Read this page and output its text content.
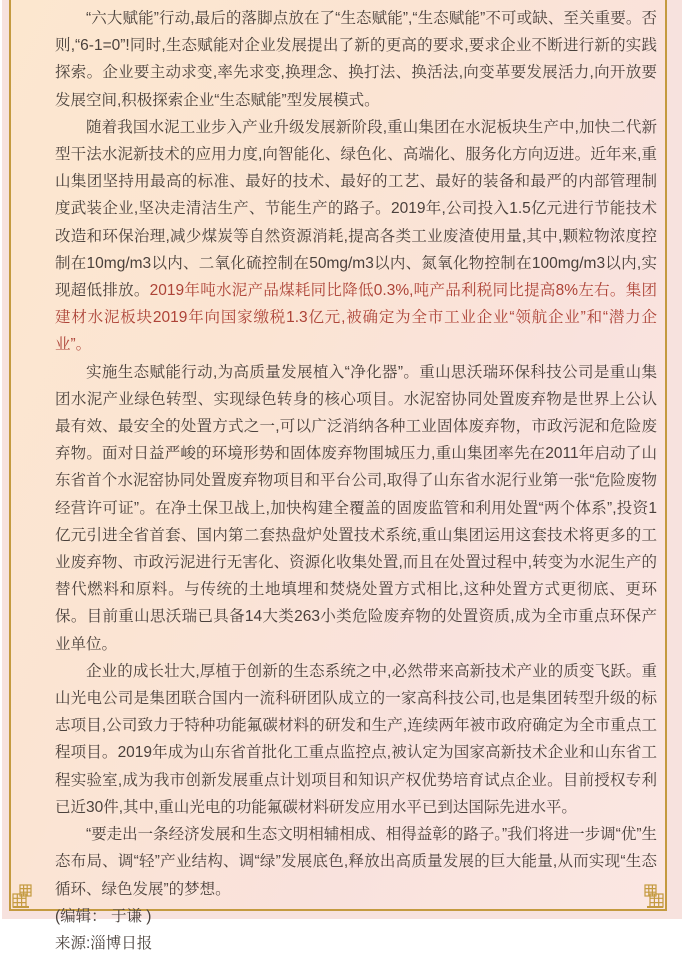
“六大赋能”行动,最后的落脚点放在了“生态赋能”,“生态赋能”不可或缺、至关重要。否则,“6-1=0”!同时,生态赋能对企业发展提出了新的更高的要求,要求企业不断进行新的实践探索。企业要主动求变,率先求变,换理念、换打法、换活法,向变革要发展活力,向开放要发展空间,积极探索企业“生态赋能”型发展模式。

随着我国水泥工业步入产业升级发展新阶段,重山集团在水泥板块生产中,加快二代新型干法水泥新技术的应用力度,向智能化、绿色化、高端化、服务化方向迈进。近年来,重山集团坚持用最高的标准、最好的技术、最好的工艺、最好的装备和最严的内部管理制度武装企业,坚决走清洁生产、节能生产的路子。2019年,公司投入1.5亿元进行节能技术改造和环保治理,减少煤炭等自然资源消耗,提高各类工业废渣使用量,其中,颗粒物浓度控制在10mg/m3以内、二氧化硫控制在50mg/m3以内、氮氧化物控制在100mg/m3以内,实现超低排放。2019年吨水泥产品煤耗同比降低0.3%,吨产品利税同比提高8%左右。集团建材水泥板块2019年向国家缴税1.3亿元,被确定为全市工业企业“领航企业”和“潜力企业”。

实施生态赋能行动,为高质量发展植入“净化器”。重山思沃瑞环保科技公司是重山集团水泥产业绿色转型、实现绿色转身的核心项目。水泥窑协同处置废弃物是世界上公认最有效、最安全的处置方式之一,可以广泛消纳各种工业固体废弃物，市政污泥和危险废弃物。面对日益严峻的环境形势和固体废弃物围城压力,重山集团率先在2011年启动了山东省首个水泥窑协同处置废弃物项目和平台公司,取得了山东省水泥行业第一张“危险废物经营许可证”。在净土保卫战上,加快构建全覆盖的固废监管和利用处置“两个体系”,投资1亿元引进全省首套、国内第二套热盘炉处置技术系统,重山集团运用这套技术将更多的工业废弃物、市政污泥进行无害化、资源化收集处置,而且在处置过程中,转变为水泥生产的替代燃料和原料。与传统的土地填埋和焚烧处置方式相比,这种处置方式更彻底、更环保。目前重山思沃瑞已具备14大类263小类危险废弃物的处置资质,成为全市重点环保产业单位。

企业的成长壮大,厚植于创新的生态系统之中,必然带来高新技术产业的质变飞跃。重山光电公司是集团联合国内一流科研团队成立的一家高科技公司,也是集团转型升级的标志项目,公司致力于特种功能氟碳材料的研发和生产,连续两年被市政府确定为全市重点工程项目。2019年成为山东省首批化工重点监控点,被认定为国家高新技术企业和山东省工程实验室,成为我市创新发展重点计划项目和知识产权优势培育试点企业。目前授权专利已近30件,其中,重山光电的功能氟碳材料研发应用水平已到达国际先进水平。

“要走出一条经济发展和生态文明相辅相成、相得益彰的路子。”我们将进一步调“优”生态布局、调“轻”产业结构、调“绿”发展底色,释放出高质量发展的巨大能量,从而实现“生态循环、绿色发展”的梦想。

(编辑： 于谦 )

来源:淄博日报
